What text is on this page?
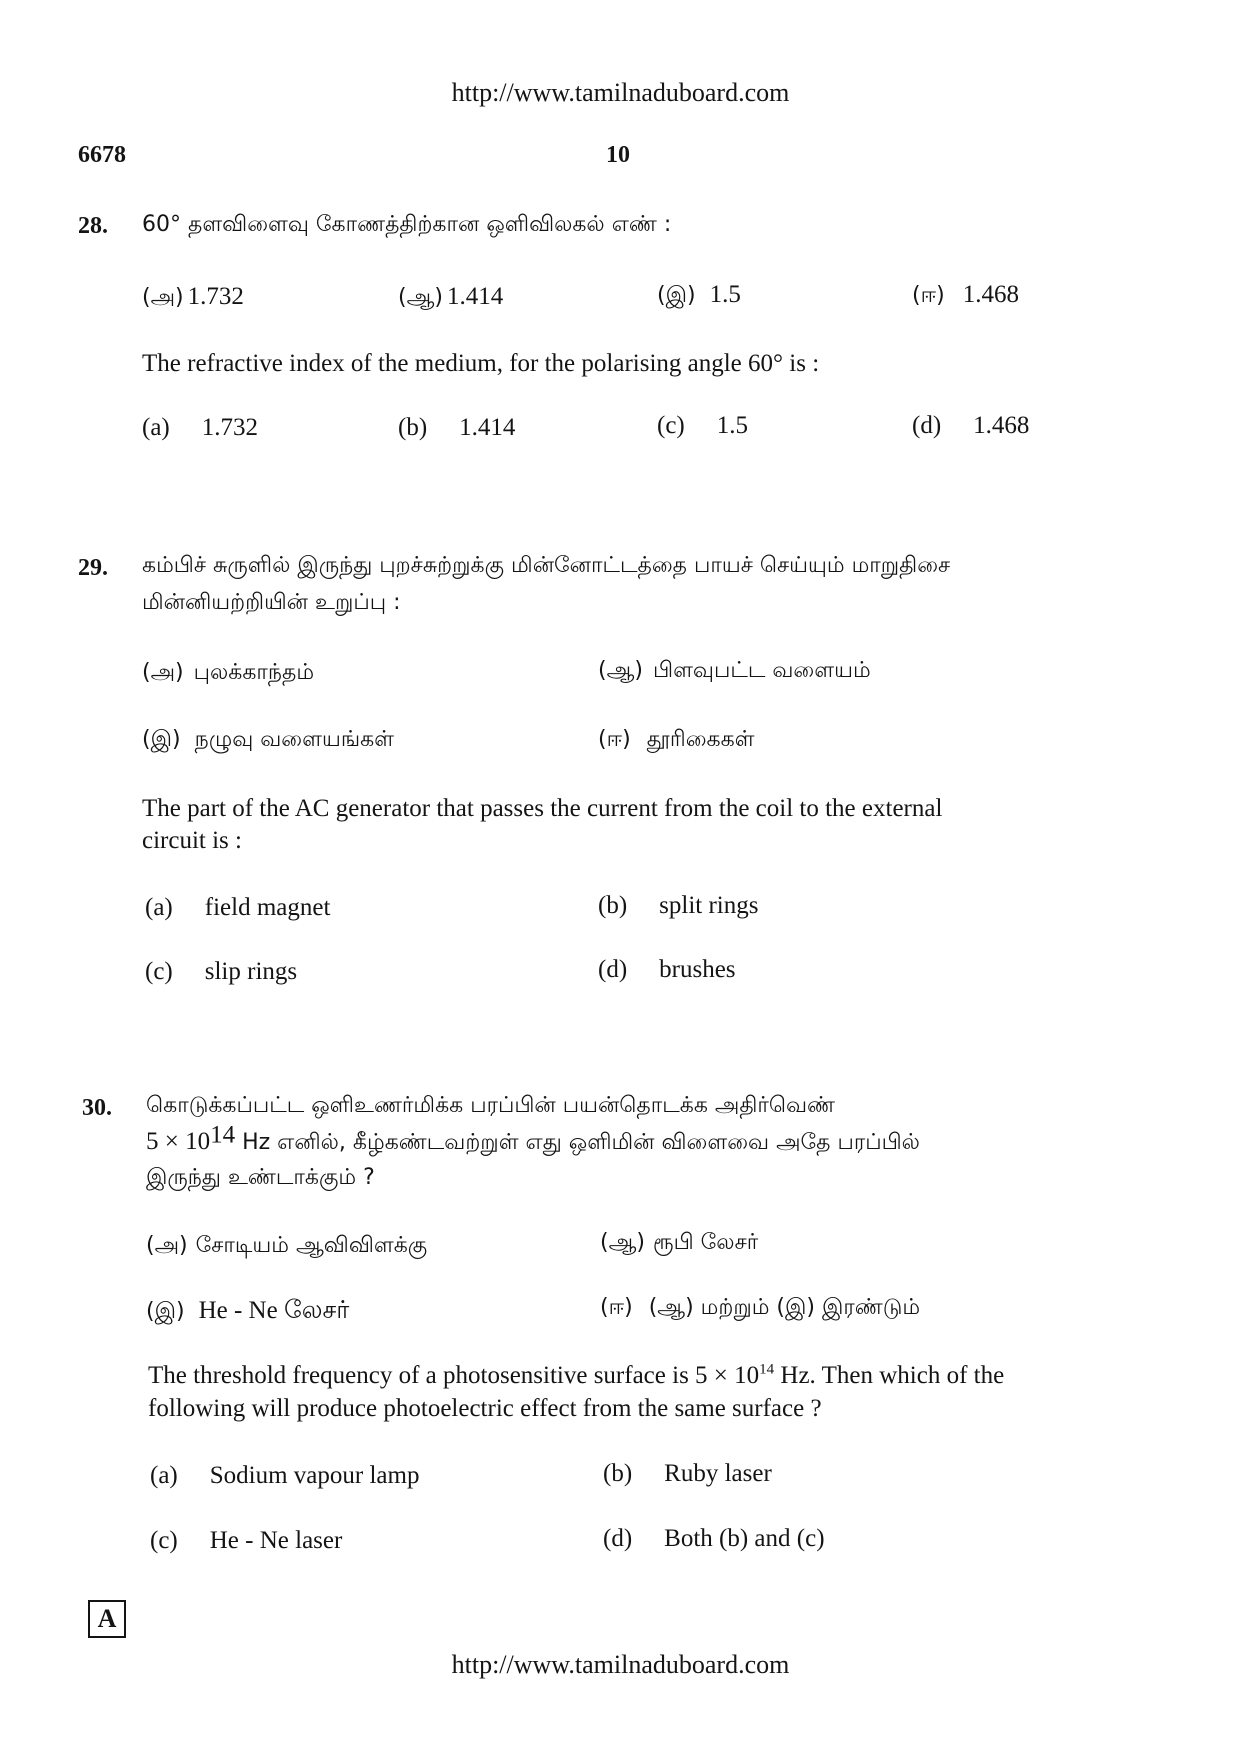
http://www.tamilnaduboard.com
6678	10
28. 60° தளவிளைவு கோணத்திற்கான ஒளிவிலகல் எண் :
(அ) 1.732	(ஆ) 1.414	(இ) 1.5	(ஈ) 1.468
The refractive index of the medium, for the polarising angle 60° is :
(a) 1.732	(b) 1.414	(c) 1.5	(d) 1.468
29. கம்பிச் சுருளில் இருந்து புறச்சுற்றுக்கு மின்னோட்டத்தை பாயச் செய்யும் மாறுதிசை
மின்னியற்றியின் உறுப்பு :
(அ) புலக்காந்தம்	(ஆ) பிளவுபட்ட வளையம்
(இ) நழுவு வளையங்கள்	(ஈ) தூரிகைகள்
The part of the AC generator that passes the current from the coil to the external
circuit is :
(a) field magnet	(b) split rings
(c) slip rings	(d) brushes
30. கொடுக்கப்பட்ட ஒளிஉணர்மிக்க பரப்பின் பயன்தொடக்க அதிர்வெண்
$5 \times 10^{14}$ Hz எனில், கீழ்கண்டவற்றுள் எது ஒளிமின் விளைவை அதே பரப்பில்
இருந்து உண்டாக்கும் ?
(அ) சோடியம் ஆவிவிளக்கு	(ஆ) ரூபி லேசர்
(இ) He - Ne லேசர்	(ஈ) (ஆ) மற்றும் (இ) இரண்டும்
The threshold frequency of a photosensitive surface is $5 \times 10^{14}$ Hz. Then which of the
following will produce photoelectric effect from the same surface ?
(a) Sodium vapour lamp	(b) Ruby laser
(c) He - Ne laser	(d) Both (b) and (c)
A
http://www.tamilnaduboard.com
